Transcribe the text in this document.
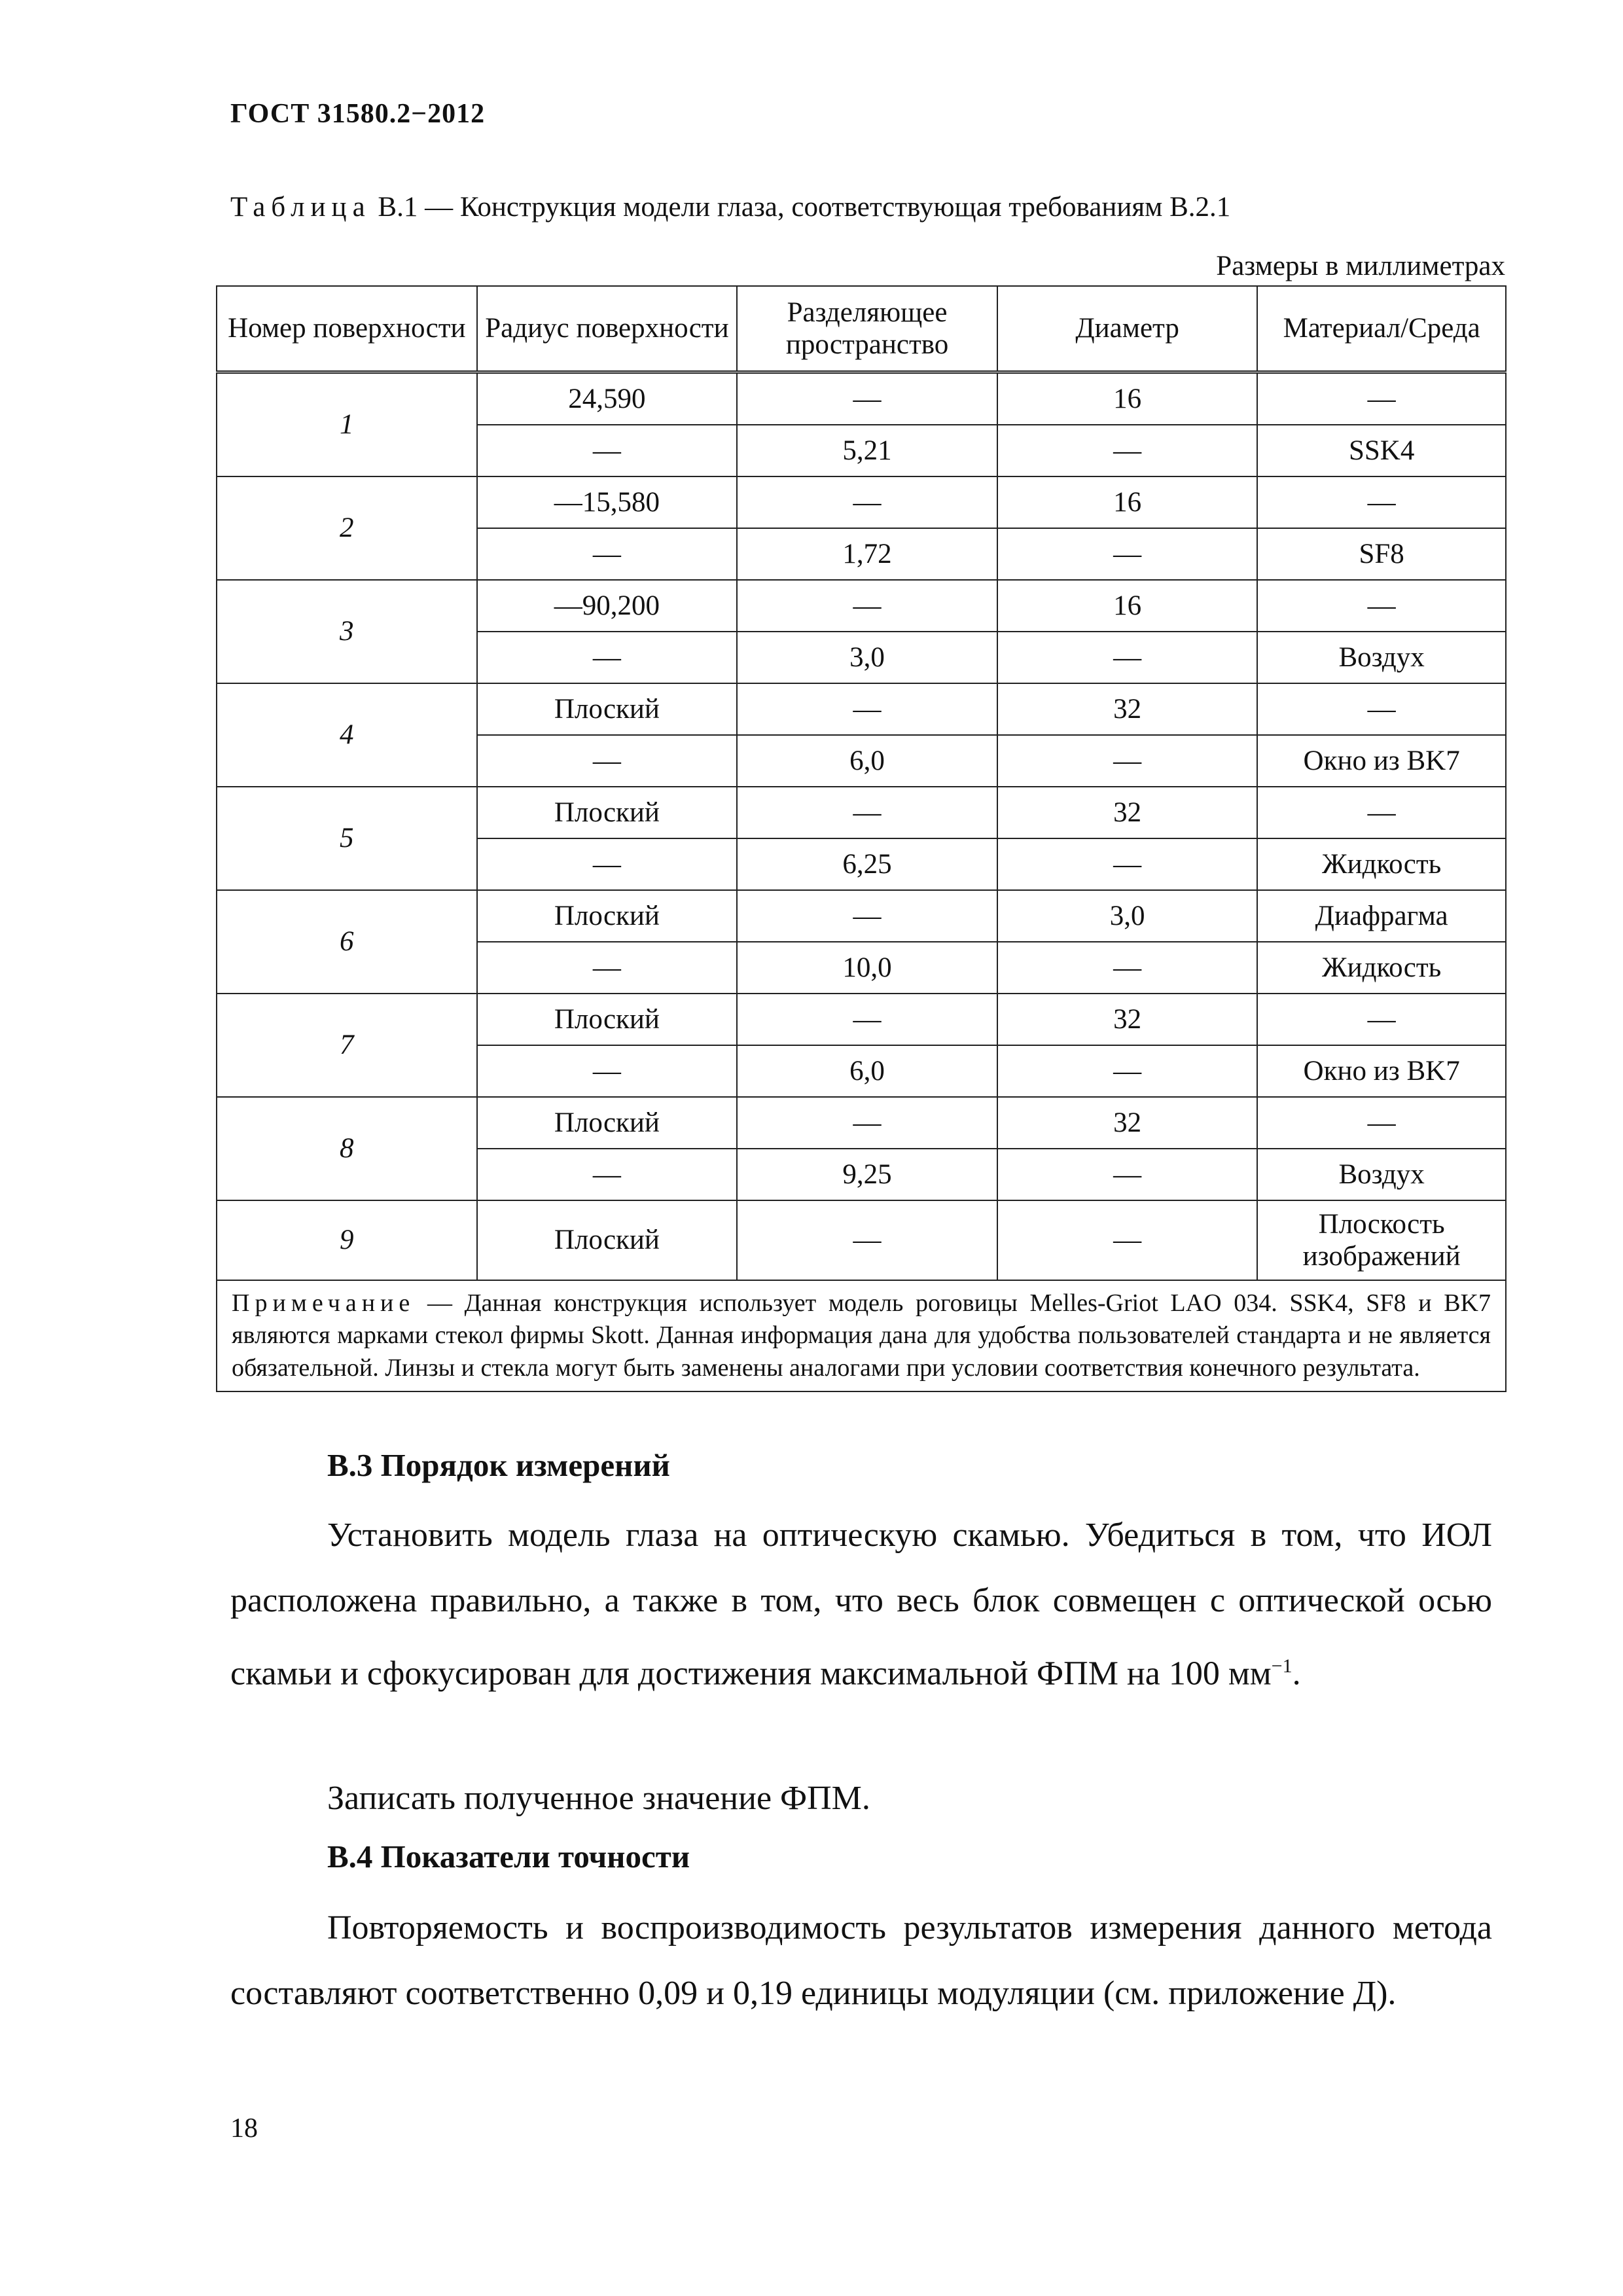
ГОСТ 31580.2−2012
Таблица B.1 — Конструкция модели глаза, соответствующая требованиям B.2.1
Размеры в миллиметрах
Номер поверхности	Радиус поверхности	Разделяющее пространство	Диаметр	Материал/Среда
1	24,590	—	16	—
	—	5,21	—	SSK4
2	—15,580	—	16	—
	—	1,72	—	SF8
3	—90,200	—	16	—
	—	3,0	—	Воздух
4	Плоский	—	32	—
	—	6,0	—	Окно из BK7
5	Плоский	—	32	—
	—	6,25	—	Жидкость
6	Плоский	—	3,0	Диафрагма
	—	10,0	—	Жидкость
7	Плоский	—	32	—
	—	6,0	—	Окно из BK7
8	Плоский	—	32	—
	—	9,25	—	Воздух
9	Плоский	—	—	Плоскость изображений
Примечание — Данная конструкция использует модель роговицы Melles-Griot LAO 034. SSK4, SF8 и BK7 являются марками стекол фирмы Skott. Данная информация дана для удобства пользователей стандарта и не является обязательной. Линзы и стекла могут быть заменены аналогами при условии соответствия конечного результата.				
B.3 Порядок измерений
Установить модель глаза на оптическую скамью. Убедиться в том, что ИОЛ расположена правильно, а также в том, что весь блок совмещен с оптической осью скамьи и сфокусирован для достижения максимальной ФПМ на 100 $мм^{-1}$.
Записать полученное значение ФПМ.
B.4 Показатели точности
Повторяемость и воспроизводимость результатов измерения данного метода составляют соответственно 0,09 и 0,19 единицы модуляции (см. приложение Д).
18
